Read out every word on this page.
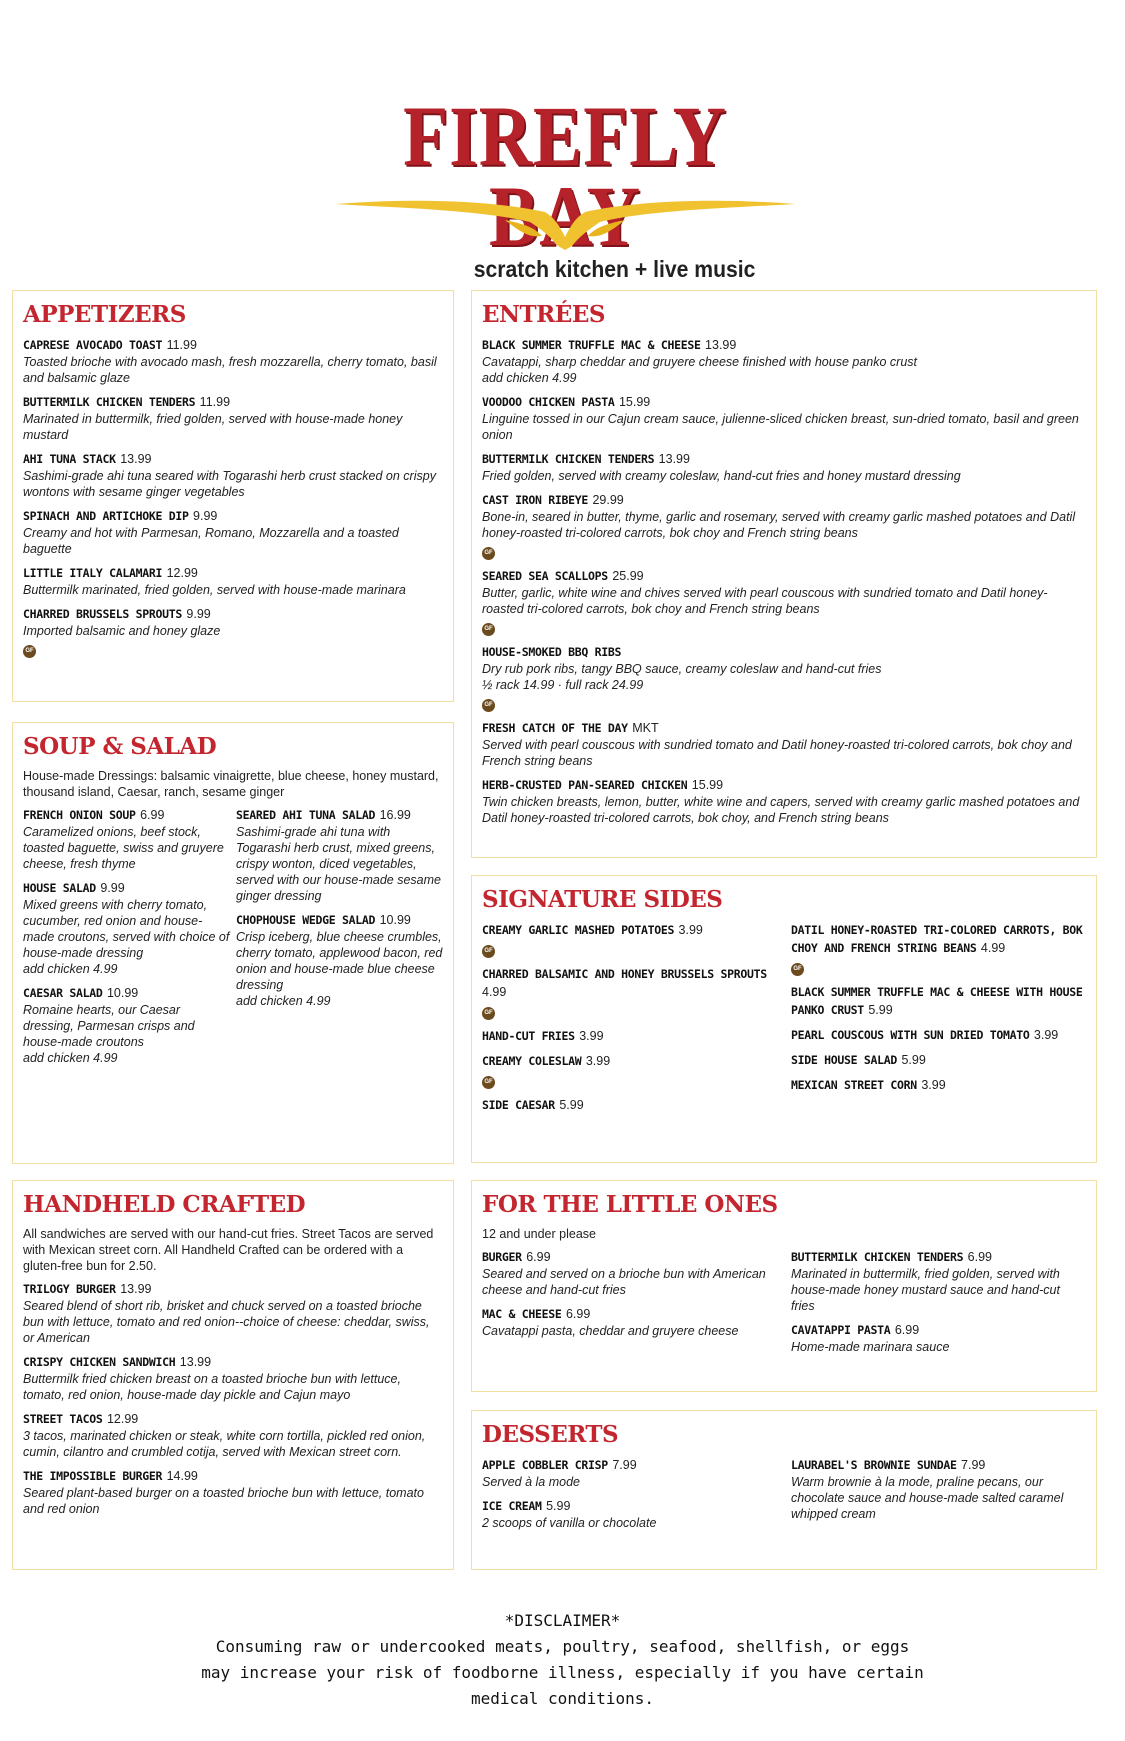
FIREFLY BAY
scratch kitchen + live music
APPETIZERS
CAPRESE AVOCADO TOAST 11.99
Toasted brioche with avocado mash, fresh mozzarella, cherry tomato, basil and balsamic glaze
BUTTERMILK CHICKEN TENDERS 11.99
Marinated in buttermilk, fried golden, served with house-made honey mustard
AHI TUNA STACK 13.99
Sashimi-grade ahi tuna seared with Togarashi herb crust stacked on crispy wontons with sesame ginger vegetables
SPINACH AND ARTICHOKE DIP 9.99
Creamy and hot with Parmesan, Romano, Mozzarella and a toasted baguette
LITTLE ITALY CALAMARI 12.99
Buttermilk marinated, fried golden, served with house-made marinara
CHARRED BRUSSELS SPROUTS 9.99
Imported balsamic and honey glaze
GF
SOUP & SALAD
House-made Dressings: balsamic vinaigrette, blue cheese, honey mustard, thousand island, Caesar, ranch, sesame ginger
FRENCH ONION SOUP 6.99
Caramelized onions, beef stock, toasted baguette, swiss and gruyere cheese, fresh thyme
HOUSE SALAD 9.99
Mixed greens with cherry tomato, cucumber, red onion and house-made croutons, served with choice of house-made dressing
add chicken 4.99
CAESAR SALAD 10.99
Romaine hearts, our Caesar dressing, Parmesan crisps and house-made croutons
add chicken 4.99
SEARED AHI TUNA SALAD 16.99
Sashimi-grade ahi tuna with Togarashi herb crust, mixed greens, crispy wonton, diced vegetables, served with our house-made sesame ginger dressing
CHOPHOUSE WEDGE SALAD 10.99
Crisp iceberg, blue cheese crumbles, cherry tomato, applewood bacon, red onion and house-made blue cheese dressing
add chicken 4.99
HANDHELD CRAFTED
All sandwiches are served with our hand-cut fries. Street Tacos are served with Mexican street corn. All Handheld Crafted can be ordered with a gluten-free bun for 2.50.
TRILOGY BURGER 13.99
Seared blend of short rib, brisket and chuck served on a toasted brioche bun with lettuce, tomato and red onion--choice of cheese: cheddar, swiss, or American
CRISPY CHICKEN SANDWICH 13.99
Buttermilk fried chicken breast on a toasted brioche bun with lettuce, tomato, red onion, house-made day pickle and Cajun mayo
STREET TACOS 12.99
3 tacos, marinated chicken or steak, white corn tortilla, pickled red onion, cumin, cilantro and crumbled cotija, served with Mexican street corn.
THE IMPOSSIBLE BURGER 14.99
Seared plant-based burger on a toasted brioche bun with lettuce, tomato and red onion
ENTRÉES
BLACK SUMMER TRUFFLE MAC & CHEESE 13.99
Cavatappi, sharp cheddar and gruyere cheese finished with house panko crust
add chicken 4.99
VOODOO CHICKEN PASTA 15.99
Linguine tossed in our Cajun cream sauce, julienne-sliced chicken breast, sun-dried tomato, basil and green onion
BUTTERMILK CHICKEN TENDERS 13.99
Fried golden, served with creamy coleslaw, hand-cut fries and honey mustard dressing
CAST IRON RIBEYE 29.99
Bone-in, seared in butter, thyme, garlic and rosemary, served with creamy garlic mashed potatoes and Datil honey-roasted tri-colored carrots, bok choy and French string beans
GF
SEARED SEA SCALLOPS 25.99
Butter, garlic, white wine and chives served with pearl couscous with sundried tomato and Datil honey-roasted tri-colored carrots, bok choy and French string beans
GF
HOUSE-SMOKED BBQ RIBS
Dry rub pork ribs, tangy BBQ sauce, creamy coleslaw and hand-cut fries
½ rack 14.99 · full rack 24.99
GF
FRESH CATCH OF THE DAY MKT
Served with pearl couscous with sundried tomato and Datil honey-roasted tri-colored carrots, bok choy and French string beans
HERB-CRUSTED PAN-SEARED CHICKEN 15.99
Twin chicken breasts, lemon, butter, white wine and capers, served with creamy garlic mashed potatoes and Datil honey-roasted tri-colored carrots, bok choy, and French string beans
SIGNATURE SIDES
CREAMY GARLIC MASHED POTATOES 3.99
GF
CHARRED BALSAMIC AND HONEY BRUSSELS SPROUTS 4.99
GF
HAND-CUT FRIES 3.99
CREAMY COLESLAW 3.99
GF
SIDE CAESAR 5.99
DATIL HONEY-ROASTED TRI-COLORED CARROTS, BOK CHOY AND FRENCH STRING BEANS 4.99
GF
BLACK SUMMER TRUFFLE MAC & CHEESE WITH HOUSE PANKO CRUST 5.99
PEARL COUSCOUS WITH SUN DRIED TOMATO 3.99
SIDE HOUSE SALAD 5.99
MEXICAN STREET CORN 3.99
FOR THE LITTLE ONES
12 and under please
BURGER 6.99
Seared and served on a brioche bun with American cheese and hand-cut fries
MAC & CHEESE 6.99
Cavatappi pasta, cheddar and gruyere cheese
BUTTERMILK CHICKEN TENDERS 6.99
Marinated in buttermilk, fried golden, served with house-made honey mustard sauce and hand-cut fries
CAVATAPPI PASTA 6.99
Home-made marinara sauce
DESSERTS
APPLE COBBLER CRISP 7.99
Served à la mode
ICE CREAM 5.99
2 scoops of vanilla or chocolate
LAURABEL'S BROWNIE SUNDAE 7.99
Warm brownie à la mode, praline pecans, our chocolate sauce and house-made salted caramel whipped cream
*DISCLAIMER*
Consuming raw or undercooked meats, poultry, seafood, shellfish, or eggs may increase your risk of foodborne illness, especially if you have certain medical conditions.
